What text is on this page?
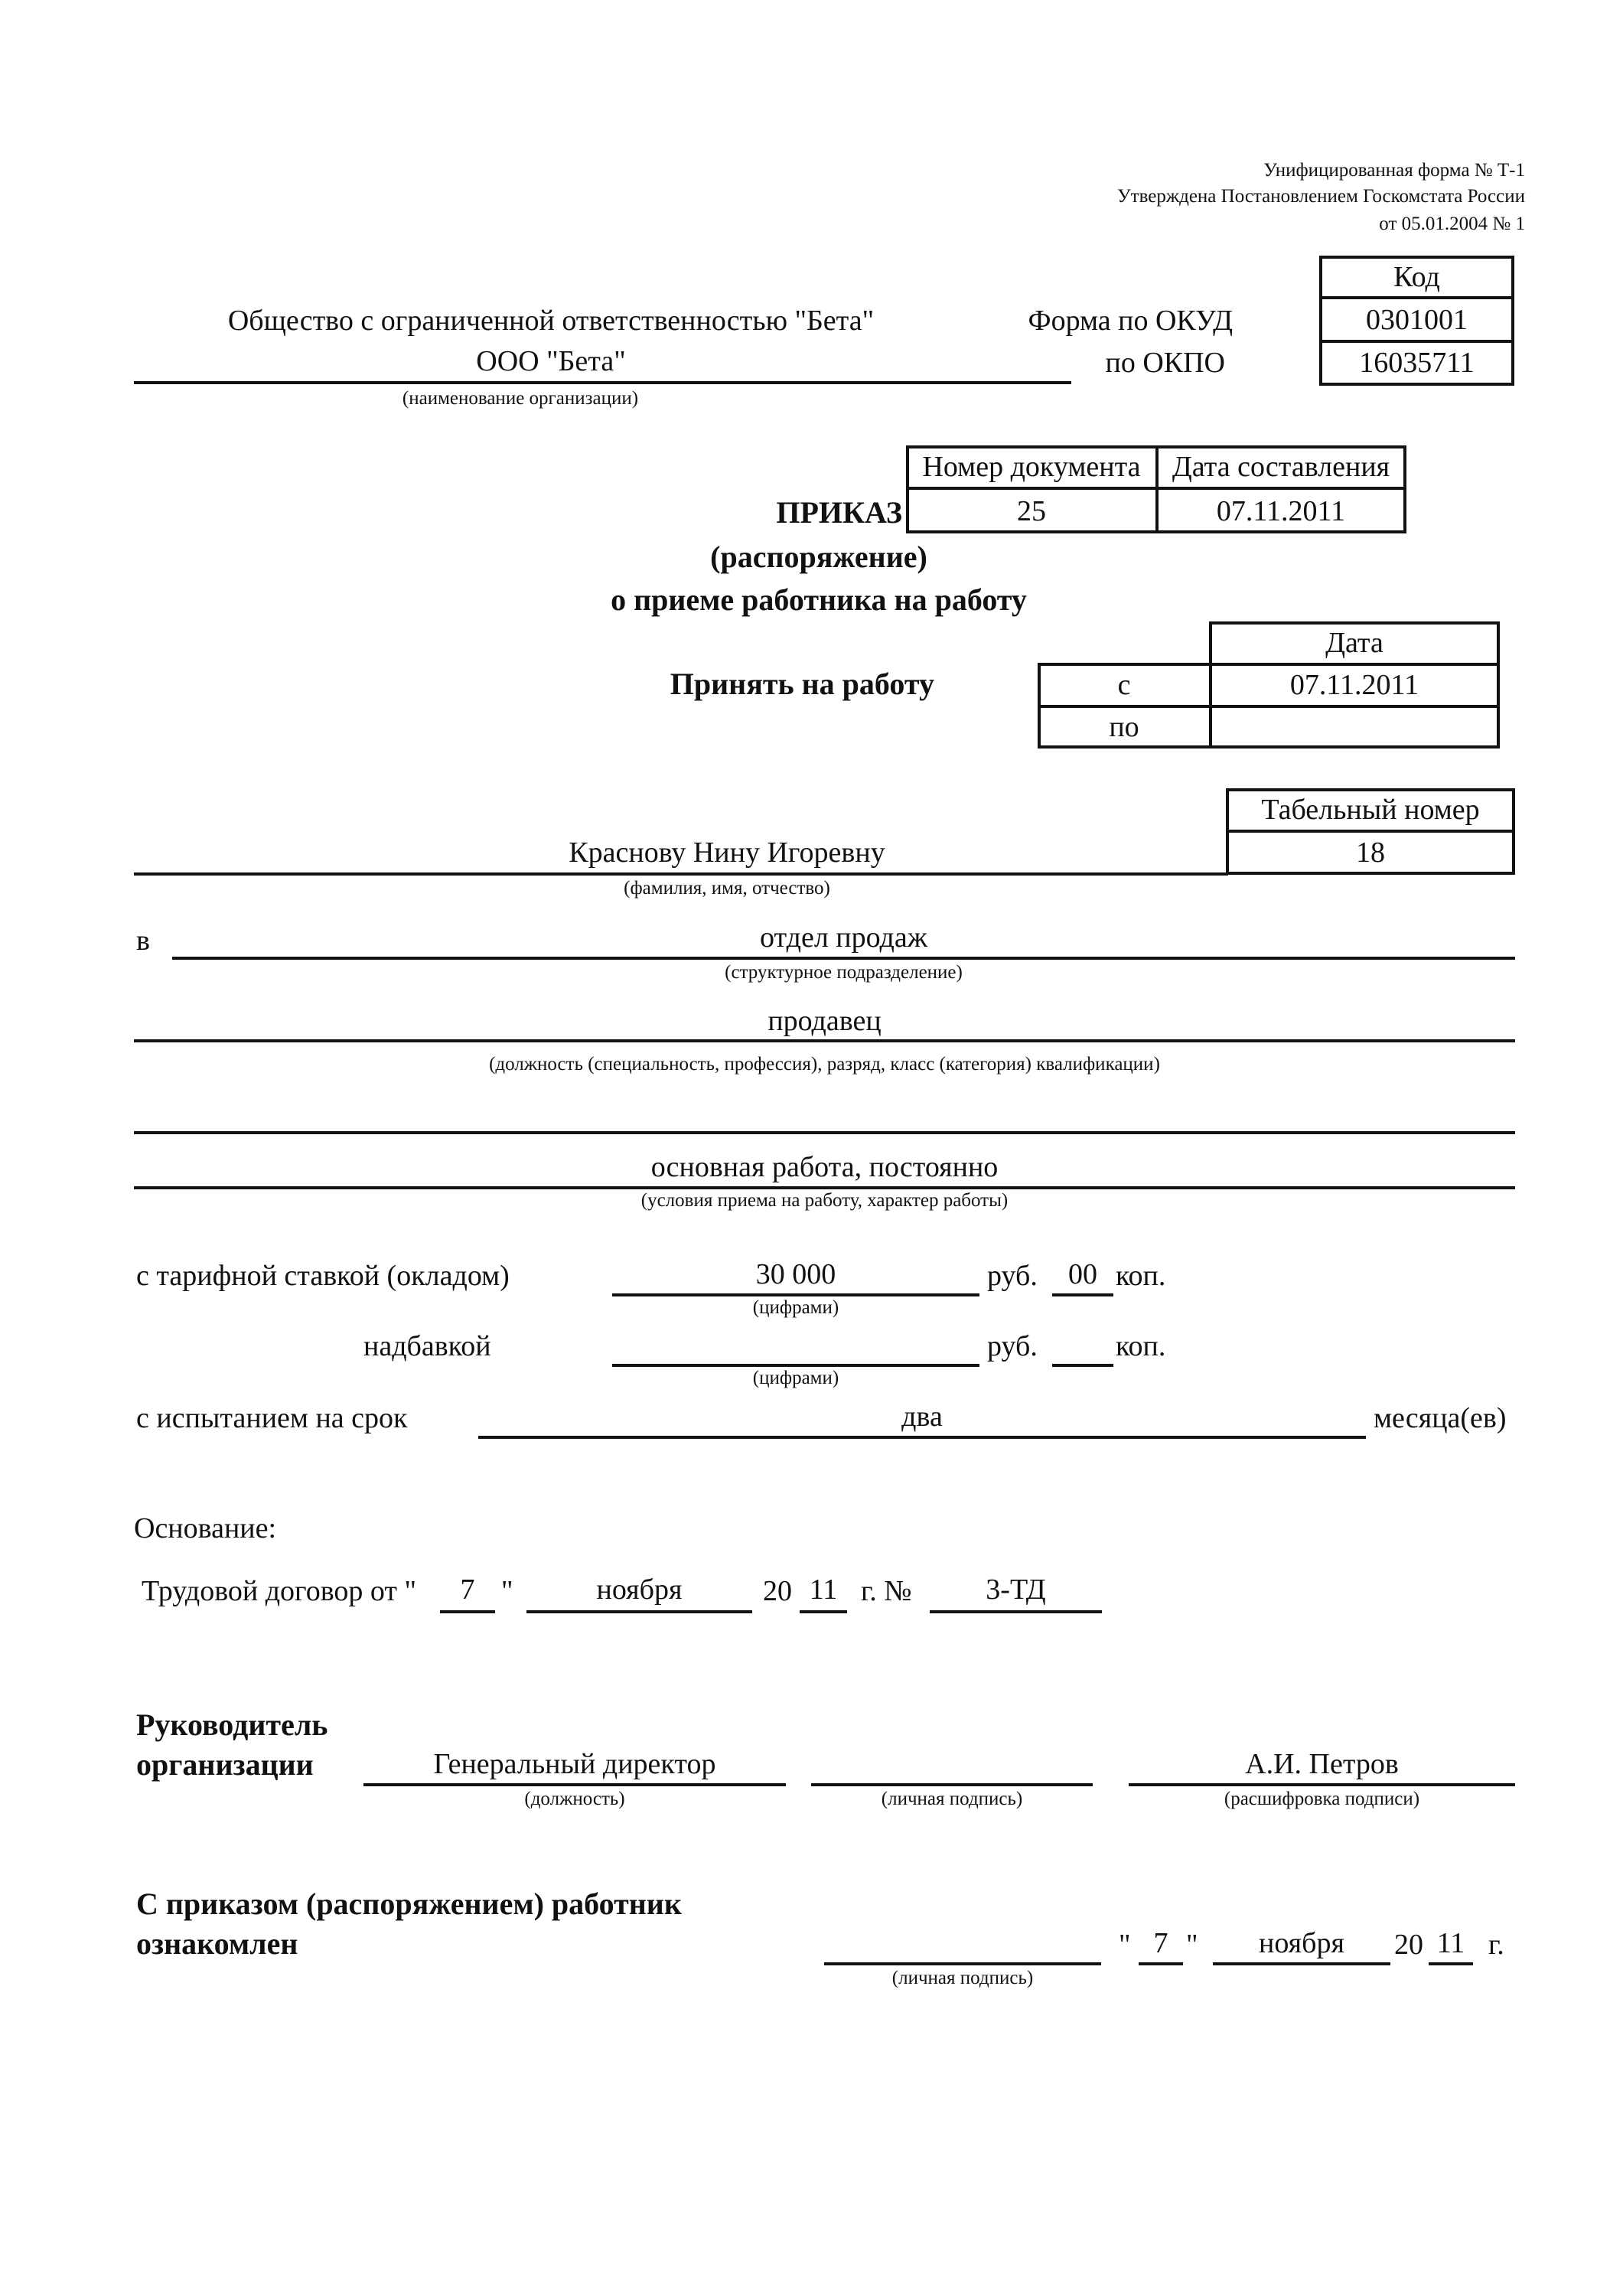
Унифицированная форма № Т-1
Утверждена Постановлением Госкомстата России
от 05.01.2004 № 1
Общество с ограниченной ответственностью "Бета"
ООО "Бета"
(наименование организации)
Форма по ОКУД
по ОКПО
Код
0301001
16035711
Номер документа	Дата составления
25	07.11.2011
ПРИКАЗ
(распоряжение)
о приеме работника на работу
Дата
с	07.11.2011
по
Принять на работу
Табельный номер
18
Краснову Нину Игоревну
(фамилия, имя, отчество)
в	отдел продаж
(структурное подразделение)
продавец
(должность (специальность, профессия), разряд, класс (категория) квалификации)
основная работа, постоянно
(условия приема на работу, характер работы)
с тарифной ставкой (окладом)	30 000
(цифрами)
руб.	00 коп.
надбавкой
(цифрами)
руб.	коп.
с испытанием на срок	два	месяца(ев)
Основание:
Трудовой договор от "	7 "	ноября	20 11 г. №	3-ТД
Руководитель
организации	Генеральный директор
(должность)	(личная подпись)
А.И. Петров
(расшифровка подписи)
С приказом (распоряжением) работник
ознакомлен
(личная подпись)
" 7 "	ноября	20 11 г.
